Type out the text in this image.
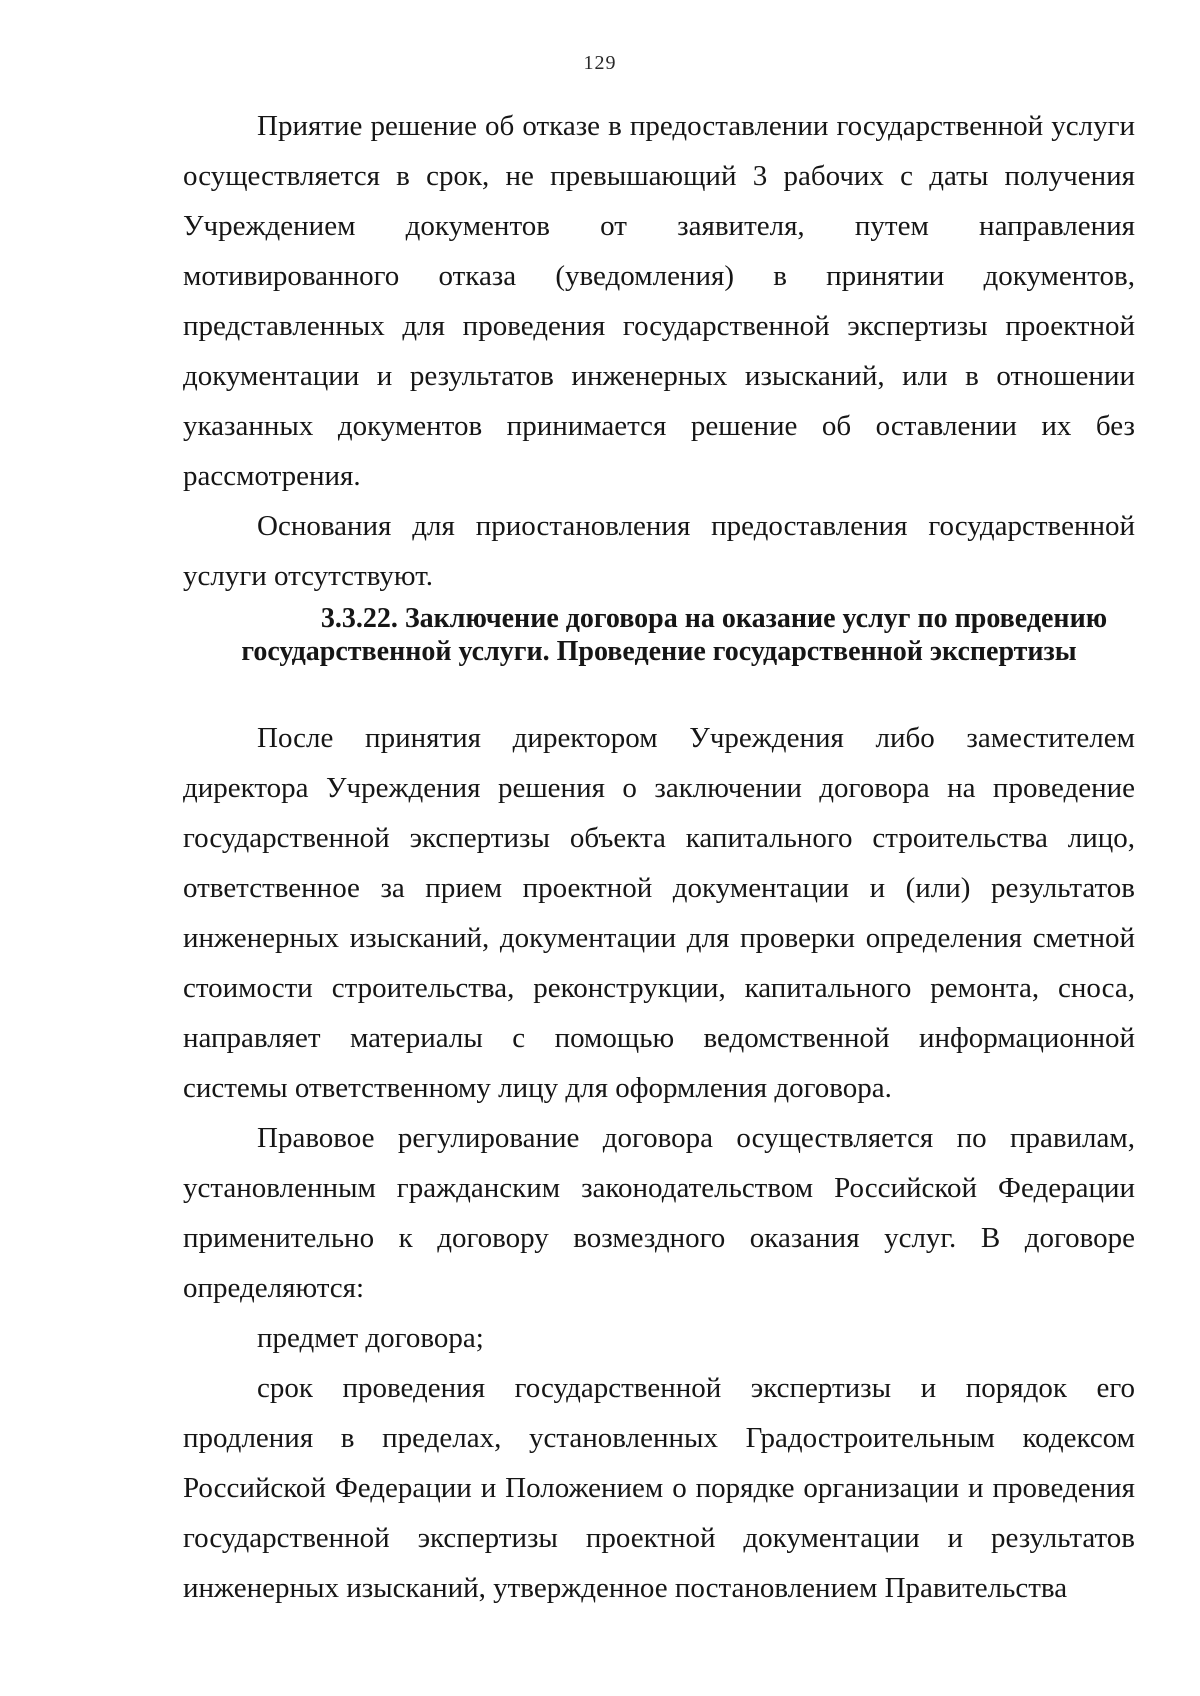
129

Приятие решение об отказе в предоставлении государственной услуги осуществляется в срок, не превышающий 3 рабочих с даты получения Учреждением документов от заявителя, путем направления мотивированного отказа (уведомления) в принятии документов, представленных для проведения государственной экспертизы проектной документации и результатов инженерных изысканий, или в отношении указанных документов принимается решение об оставлении их без рассмотрения.

Основания для приостановления предоставления государственной услуги отсутствуют.

3.3.22. Заключение договора на оказание услуг по проведению
государственной услуги. Проведение государственной экспертизы

После принятия директором Учреждения либо заместителем директора Учреждения решения о заключении договора на проведение государственной экспертизы объекта капитального строительства лицо, ответственное за прием проектной документации и (или) результатов инженерных изысканий, документации для проверки определения сметной стоимости строительства, реконструкции, капитального ремонта, сноса, направляет материалы с помощью ведомственной информационной системы ответственному лицу для оформления договора.

Правовое регулирование договора осуществляется по правилам, установленным гражданским законодательством Российской Федерации применительно к договору возмездного оказания услуг. В договоре определяются:

предмет договора;

срок проведения государственной экспертизы и порядок его продления в пределах, установленных Градостроительным кодексом Российской Федерации и Положением о порядке организации и проведения государственной экспертизы проектной документации и результатов инженерных изысканий, утвержденное постановлением Правительства
